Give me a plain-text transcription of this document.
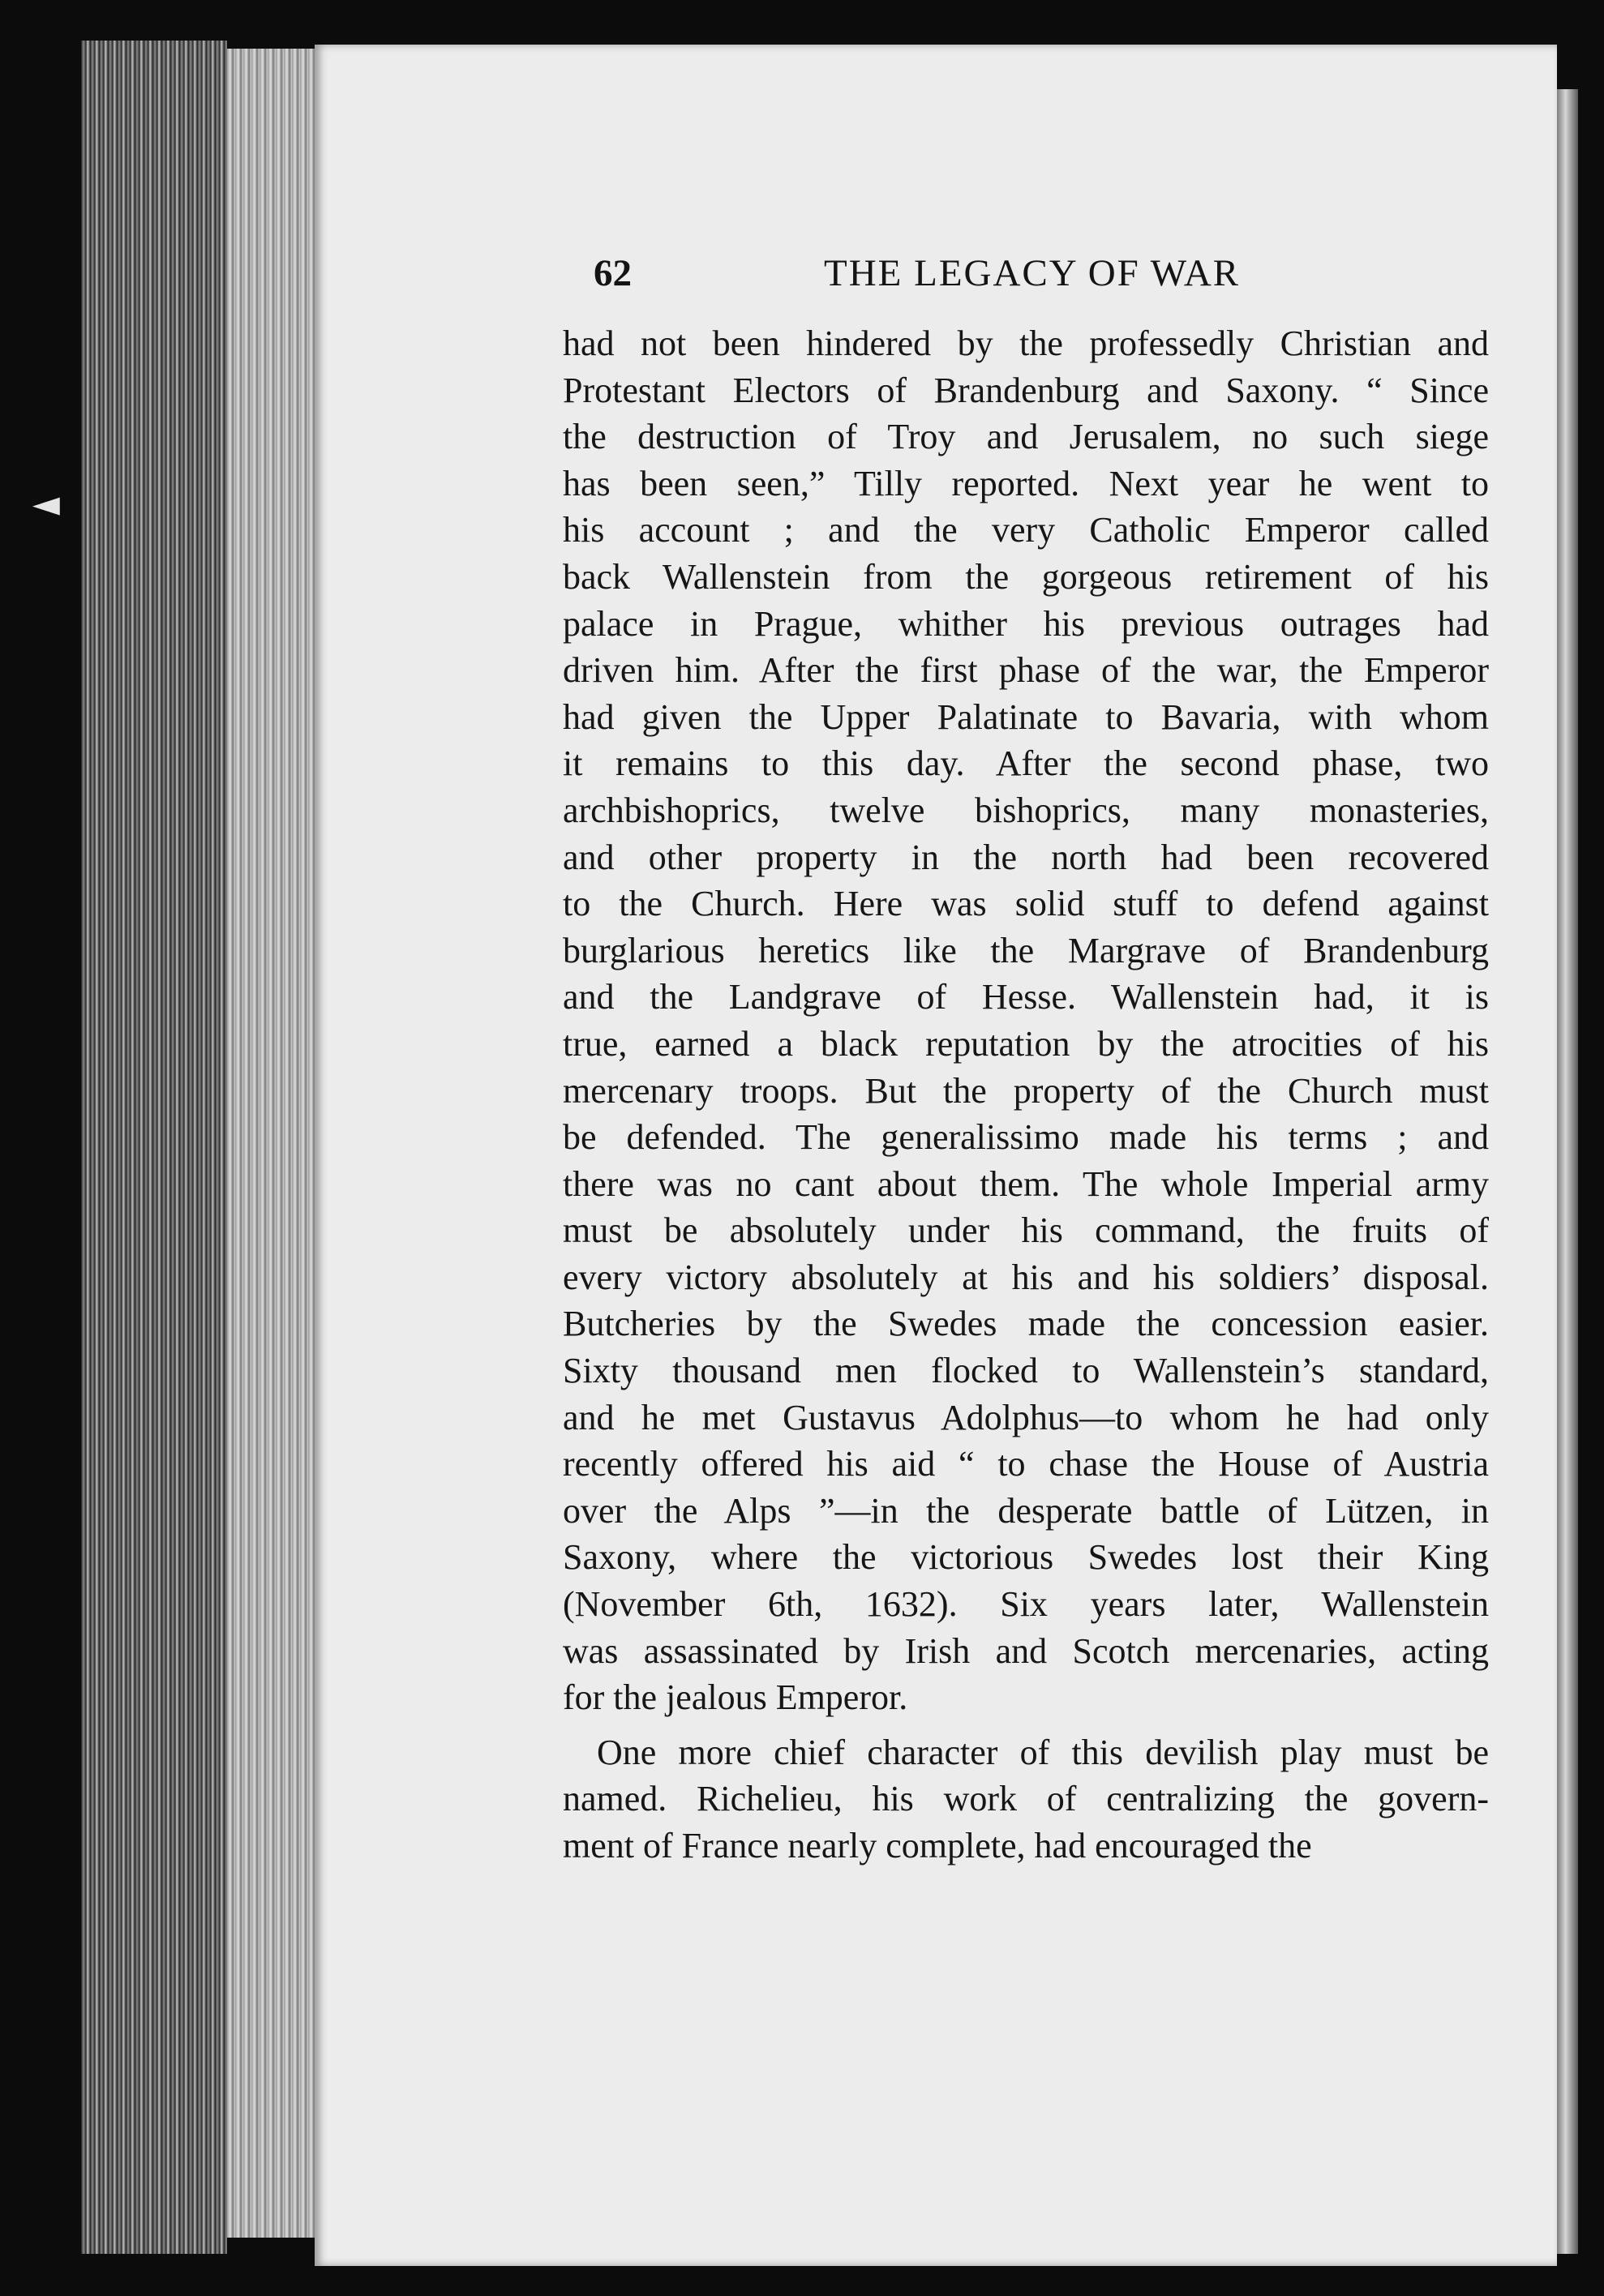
◄
62	THE LEGACY OF WAR
had not been hindered by the professedly Christian and
Protestant Electors of Brandenburg and Saxony. “ Since
the destruction of Troy and Jerusalem, no such siege
has been seen,” Tilly reported. Next year he went to
his account ; and the very Catholic Emperor called
back Wallenstein from the gorgeous retirement of his
palace in Prague, whither his previous outrages had
driven him. After the first phase of the war, the Emperor
had given the Upper Palatinate to Bavaria, with whom
it remains to this day. After the second phase, two
archbishoprics, twelve bishoprics, many monasteries,
and other property in the north had been recovered
to the Church. Here was solid stuff to defend against
burglarious heretics like the Margrave of Brandenburg
and the Landgrave of Hesse. Wallenstein had, it is
true, earned a black reputation by the atrocities of his
mercenary troops. But the property of the Church must
be defended. The generalissimo made his terms ; and
there was no cant about them. The whole Imperial army
must be absolutely under his command, the fruits of
every victory absolutely at his and his soldiers’ disposal.
Butcheries by the Swedes made the concession easier.
Sixty thousand men flocked to Wallenstein’s standard,
and he met Gustavus Adolphus—to whom he had only
recently offered his aid “ to chase the House of Austria
over the Alps ”—in the desperate battle of Lützen, in
Saxony, where the victorious Swedes lost their King
(November 6th, 1632). Six years later, Wallenstein
was assassinated by Irish and Scotch mercenaries, acting
for the jealous Emperor.
One more chief character of this devilish play must be
named. Richelieu, his work of centralizing the govern-
ment of France nearly complete, had encouraged the
